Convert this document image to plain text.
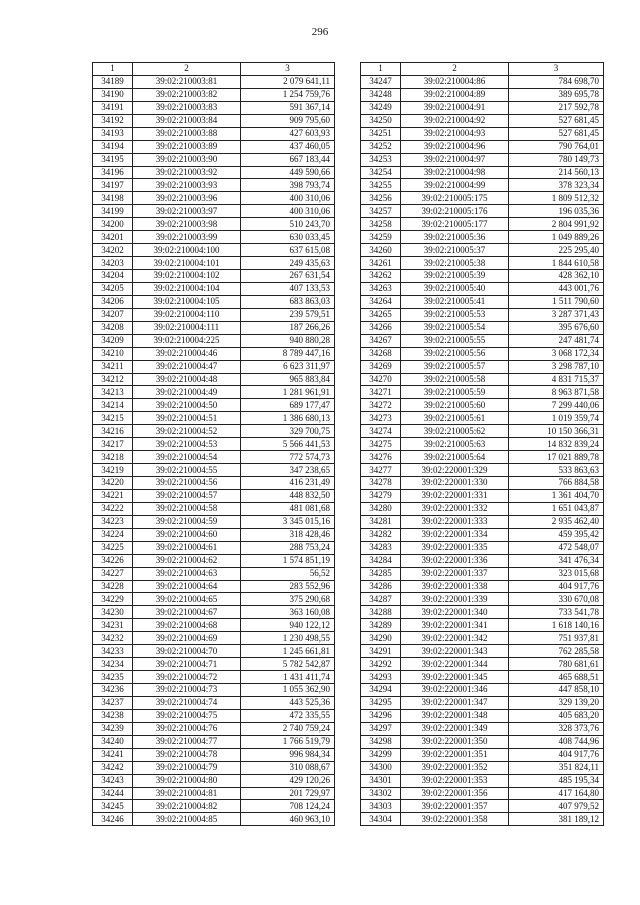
296
1	2	3
34189	39:02:210003:81	2 079 641,11
34190	39:02:210003:82	1 254 759,76
34191	39:02:210003:83	591 367,14
34192	39:02:210003:84	909 795,60
34193	39:02:210003:88	427 603,93
34194	39:02:210003:89	437 460,05
34195	39:02:210003:90	667 183,44
34196	39:02:210003:92	449 590,66
34197	39:02:210003:93	398 793,74
34198	39:02:210003:96	400 310,06
34199	39:02:210003:97	400 310,06
34200	39:02:210003:98	510 243,70
34201	39:02:210003:99	630 033,45
34202	39:02:210004:100	637 615,08
34203	39:02:210004:101	249 435,63
34204	39:02:210004:102	267 631,54
34205	39:02:210004:104	407 133,53
34206	39:02:210004:105	683 863,03
34207	39:02:210004:110	239 579,51
34208	39:02:210004:111	187 266,26
34209	39:02:210004:225	940 880,28
34210	39:02:210004:46	8 789 447,16
34211	39:02:210004:47	6 623 311,97
34212	39:02:210004:48	965 883,84
34213	39:02:210004:49	1 281 961,91
34214	39:02:210004:50	689 177,47
34215	39:02:210004:51	1 386 680,13
34216	39:02:210004:52	329 700,75
34217	39:02:210004:53	5 566 441,53
34218	39:02:210004:54	772 574,73
34219	39:02:210004:55	347 238,65
34220	39:02:210004:56	416 231,49
34221	39:02:210004:57	448 832,50
34222	39:02:210004:58	481 081,68
34223	39:02:210004:59	3 345 015,16
34224	39:02:210004:60	318 428,46
34225	39:02:210004:61	288 753,24
34226	39:02:210004:62	1 574 851,19
34227	39:02:210004:63	56,52
34228	39:02:210004:64	283 552,96
34229	39:02:210004:65	375 290,68
34230	39:02:210004:67	363 160,08
34231	39:02:210004:68	940 122,12
34232	39:02:210004:69	1 230 498,55
34233	39:02:210004:70	1 245 661,81
34234	39:02:210004:71	5 782 542,87
34235	39:02:210004:72	1 431 411,74
34236	39:02:210004:73	1 055 362,90
34237	39:02:210004:74	443 525,36
34238	39:02:210004:75	472 335,55
34239	39:02:210004:76	2 740 759,24
34240	39:02:210004:77	1 766 519,79
34241	39:02:210004:78	996 984,34
34242	39:02:210004:79	310 088,67
34243	39:02:210004:80	429 120,26
34244	39:02:210004:81	201 729,97
34245	39:02:210004:82	708 124,24
34246	39:02:210004:85	460 963,10
1	2	3
34247	39:02:210004:86	784 698,70
34248	39:02:210004:89	389 695,78
34249	39:02:210004:91	217 592,78
34250	39:02:210004:92	527 681,45
34251	39:02:210004:93	527 681,45
34252	39:02:210004:96	790 764,01
34253	39:02:210004:97	780 149,73
34254	39:02:210004:98	214 560,13
34255	39:02:210004:99	378 323,34
34256	39:02:210005:175	1 809 512,32
34257	39:02:210005:176	196 035,36
34258	39:02:210005:177	2 804 991,92
34259	39:02:210005:36	1 049 889,26
34260	39:02:210005:37	225 295,40
34261	39:02:210005:38	1 844 610,58
34262	39:02:210005:39	428 362,10
34263	39:02:210005:40	443 001,76
34264	39:02:210005:41	1 511 790,60
34265	39:02:210005:53	3 287 371,43
34266	39:02:210005:54	395 676,60
34267	39:02:210005:55	247 481,74
34268	39:02:210005:56	3 068 172,34
34269	39:02:210005:57	3 298 787,10
34270	39:02:210005:58	4 831 715,37
34271	39:02:210005:59	8 963 871,58
34272	39:02:210005:60	7 299 440,06
34273	39:02:210005:61	1 019 359,74
34274	39:02:210005:62	10 150 366,31
34275	39:02:210005:63	14 832 839,24
34276	39:02:210005:64	17 021 889,78
34277	39:02:220001:329	533 863,63
34278	39:02:220001:330	766 884,58
34279	39:02:220001:331	1 361 404,70
34280	39:02:220001:332	1 651 043,87
34281	39:02:220001:333	2 935 462,40
34282	39:02:220001:334	459 395,42
34283	39:02:220001:335	472 548,07
34284	39:02:220001:336	341 476,34
34285	39:02:220001:337	323 015,68
34286	39:02:220001:338	404 917,76
34287	39:02:220001:339	330 670,08
34288	39:02:220001:340	733 541,78
34289	39:02:220001:341	1 618 140,16
34290	39:02:220001:342	751 937,81
34291	39:02:220001:343	762 285,58
34292	39:02:220001:344	780 681,61
34293	39:02:220001:345	465 688,51
34294	39:02:220001:346	447 858,10
34295	39:02:220001:347	329 139,20
34296	39:02:220001:348	405 683,20
34297	39:02:220001:349	328 373,76
34298	39:02:220001:350	408 744,96
34299	39:02:220001:351	404 917,76
34300	39:02:220001:352	351 824,11
34301	39:02:220001:353	485 195,34
34302	39:02:220001:356	417 164,80
34303	39:02:220001:357	407 979,52
34304	39:02:220001:358	381 189,12
